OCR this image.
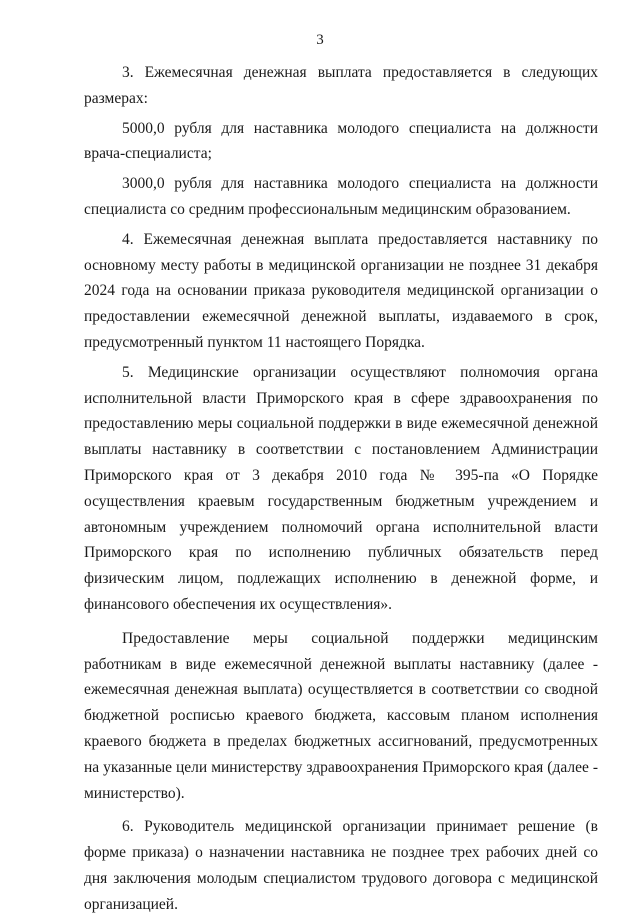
3

3. Ежемесячная денежная выплата предоставляется в следующих размерах:

5000,0 рубля для наставника молодого специалиста на должности врача-специалиста;

3000,0 рубля для наставника молодого специалиста на должности специалиста со средним профессиональным медицинским образованием.

4. Ежемесячная денежная выплата предоставляется наставнику по основному месту работы в медицинской организации не позднее 31 декабря 2024 года на основании приказа руководителя медицинской организации о предоставлении ежемесячной денежной выплаты, издаваемого в срок, предусмотренный пунктом 11 настоящего Порядка.

5. Медицинские организации осуществляют полномочия органа исполнительной власти Приморского края в сфере здравоохранения по предоставлению меры социальной поддержки в виде ежемесячной денежной выплаты наставнику в соответствии с постановлением Администрации Приморского края от 3 декабря 2010 года № 395-па «О Порядке осуществления краевым государственным бюджетным учреждением и автономным учреждением полномочий органа исполнительной власти Приморского края по исполнению публичных обязательств перед физическим лицом, подлежащих исполнению в денежной форме, и финансового обеспечения их осуществления».

Предоставление меры социальной поддержки медицинским работникам в виде ежемесячной денежной выплаты наставнику (далее - ежемесячная денежная выплата) осуществляется в соответствии со сводной бюджетной росписью краевого бюджета, кассовым планом исполнения краевого бюджета в пределах бюджетных ассигнований, предусмотренных на указанные цели министерству здравоохранения Приморского края (далее - министерство).

6. Руководитель медицинской организации принимает решение (в форме приказа) о назначении наставника не позднее трех рабочих дней со дня заключения молодым специалистом трудового договора с медицинской организацией.
